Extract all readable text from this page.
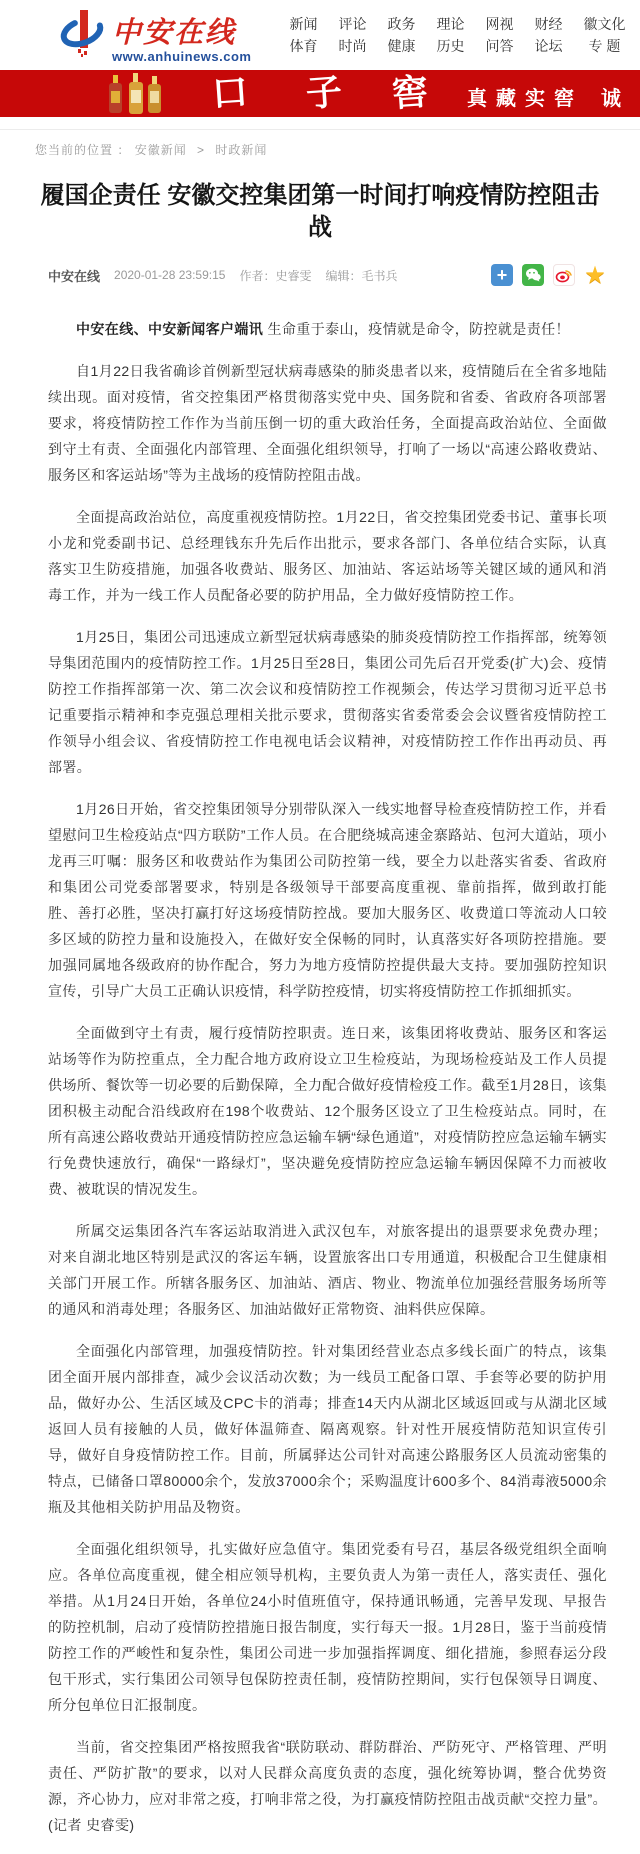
中安在线
www.anhuinews.com
新闻
体育
评论
时尚
政务
健康
理论
历史
网视
问答
财经
论坛
徽文化
专 题
口 子 窖 真藏实窖 诚
您当前的位置 ： 安徽新闻 > 时政新闻
履国企责任 安徽交控集团第一时间打响疫情防控阻击战
中安在线 2020-01-28 23:59:15 作者：史睿雯 编辑：毛书兵	+	★

中安在线、中安新闻客户端讯 生命重于泰山，疫情就是命令，防控就是责任！

自1月22日我省确诊首例新型冠状病毒感染的肺炎患者以来，疫情随后在全省多地陆续出现。面对疫情，省交控集团严格贯彻落实党中央、国务院和省委、省政府各项部署要求，将疫情防控工作作为当前压倒一切的重大政治任务，全面提高政治站位、全面做到守土有责、全面强化内部管理、全面强化组织领导，打响了一场以“高速公路收费站、服务区和客运站场”等为主战场的疫情防控阻击战。

全面提高政治站位，高度重视疫情防控。1月22日，省交控集团党委书记、董事长项小龙和党委副书记、总经理钱东升先后作出批示，要求各部门、各单位结合实际，认真落实卫生防疫措施，加强各收费站、服务区、加油站、客运站场等关键区域的通风和消毒工作，并为一线工作人员配备必要的防护用品，全力做好疫情防控工作。

1月25日，集团公司迅速成立新型冠状病毒感染的肺炎疫情防控工作指挥部，统筹领导集团范围内的疫情防控工作。1月25日至28日，集团公司先后召开党委(扩大)会、疫情防控工作指挥部第一次、第二次会议和疫情防控工作视频会，传达学习贯彻习近平总书记重要指示精神和李克强总理相关批示要求，贯彻落实省委常委会会议暨省疫情防控工作领导小组会议、省疫情防控工作电视电话会议精神，对疫情防控工作作出再动员、再部署。

1月26日开始，省交控集团领导分别带队深入一线实地督导检查疫情防控工作，并看望慰问卫生检疫站点“四方联防”工作人员。在合肥绕城高速金寨路站、包河大道站，项小龙再三叮嘱：服务区和收费站作为集团公司防控第一线，要全力以赴落实省委、省政府和集团公司党委部署要求，特别是各级领导干部要高度重视、靠前指挥，做到敢打能胜、善打必胜，坚决打赢打好这场疫情防控战。要加大服务区、收费道口等流动人口较多区域的防控力量和设施投入，在做好安全保畅的同时，认真落实好各项防控措施。要加强同属地各级政府的协作配合，努力为地方疫情防控提供最大支持。要加强防控知识宣传，引导广大员工正确认识疫情，科学防控疫情，切实将疫情防控工作抓细抓实。

全面做到守土有责，履行疫情防控职责。连日来，该集团将收费站、服务区和客运站场等作为防控重点，全力配合地方政府设立卫生检疫站，为现场检疫站及工作人员提供场所、餐饮等一切必要的后勤保障，全力配合做好疫情检疫工作。截至1月28日，该集团积极主动配合沿线政府在198个收费站、12个服务区设立了卫生检疫站点。同时，在所有高速公路收费站开通疫情防控应急运输车辆“绿色通道”，对疫情防控应急运输车辆实行免费快速放行，确保“一路绿灯”，坚决避免疫情防控应急运输车辆因保障不力而被收费、被耽误的情况发生。

所属交运集团各汽车客运站取消进入武汉包车，对旅客提出的退票要求免费办理；对来自湖北地区特别是武汉的客运车辆，设置旅客出口专用通道，积极配合卫生健康相关部门开展工作。所辖各服务区、加油站、酒店、物业、物流单位加强经营服务场所等的通风和消毒处理；各服务区、加油站做好正常物资、油料供应保障。

全面强化内部管理，加强疫情防控。针对集团经营业态点多线长面广的特点，该集团全面开展内部排查，减少会议活动次数；为一线员工配备口罩、手套等必要的防护用品，做好办公、生活区域及CPC卡的消毒；排查14天内从湖北区域返回或与从湖北区域返回人员有接触的人员，做好体温筛查、隔离观察。针对性开展疫情防范知识宣传引导，做好自身疫情防控工作。目前，所属驿达公司针对高速公路服务区人员流动密集的特点，已储备口罩80000余个，发放37000余个；采购温度计600多个、84消毒液5000余瓶及其他相关防护用品及物资。

全面强化组织领导，扎实做好应急值守。集团党委有号召，基层各级党组织全面响应。各单位高度重视，健全相应领导机构，主要负责人为第一责任人，落实责任、强化举措。从1月24日开始，各单位24小时值班值守，保持通讯畅通，完善早发现、早报告的防控机制，启动了疫情防控措施日报告制度，实行每天一报。1月28日，鉴于当前疫情防控工作的严峻性和复杂性，集团公司进一步加强指挥调度、细化措施，参照春运分段包干形式，实行集团公司领导包保防控责任制，疫情防控期间，实行包保领导日调度、所分包单位日汇报制度。

当前，省交控集团严格按照我省“联防联动、群防群治、严防死守、严格管理、严明责任、严防扩散”的要求，以对人民群众高度负责的态度，强化统筹协调，整合优势资源，齐心协力，应对非常之疫，打响非常之役，为打赢疫情防控阻击战贡献“交控力量”。(记者 史睿雯)
